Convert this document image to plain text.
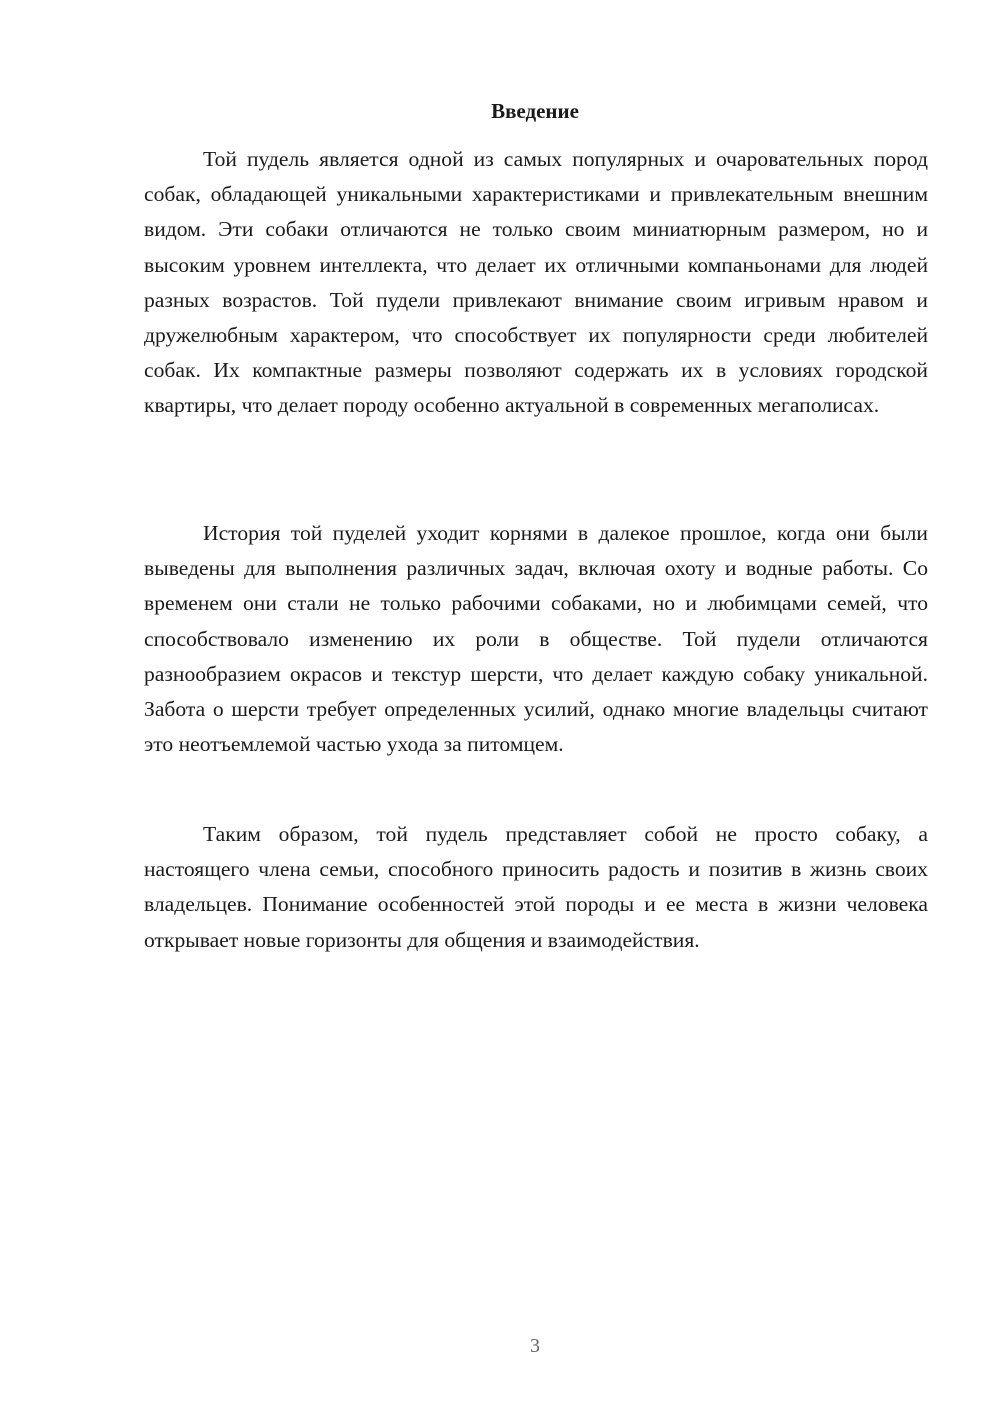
Введение

Той пудель является одной из самых популярных и очаровательных пород собак, обладающей уникальными характеристиками и привлекательным внешним видом. Эти собаки отличаются не только своим миниатюрным размером, но и высоким уровнем интеллекта, что делает их отличными компаньонами для людей разных возрастов. Той пудели привлекают внимание своим игривым нравом и дружелюбным характером, что способствует их популярности среди любителей собак. Их компактные размеры позволяют содержать их в условиях городской квартиры, что делает породу особенно актуальной в современных мегаполисах.

История той пуделей уходит корнями в далекое прошлое, когда они были выведены для выполнения различных задач, включая охоту и водные работы. Со временем они стали не только рабочими собаками, но и любимцами семей, что способствовало изменению их роли в обществе. Той пудели отличаются разнообразием окрасов и текстур шерсти, что делает каждую собаку уникальной. Забота о шерсти требует определенных усилий, однако многие владельцы считают это неотъемлемой частью ухода за питомцем.

Таким образом, той пудель представляет собой не просто собаку, а настоящего члена семьи, способного приносить радость и позитив в жизнь своих владельцев. Понимание особенностей этой породы и ее места в жизни человека открывает новые горизонты для общения и взаимодействия.

3
